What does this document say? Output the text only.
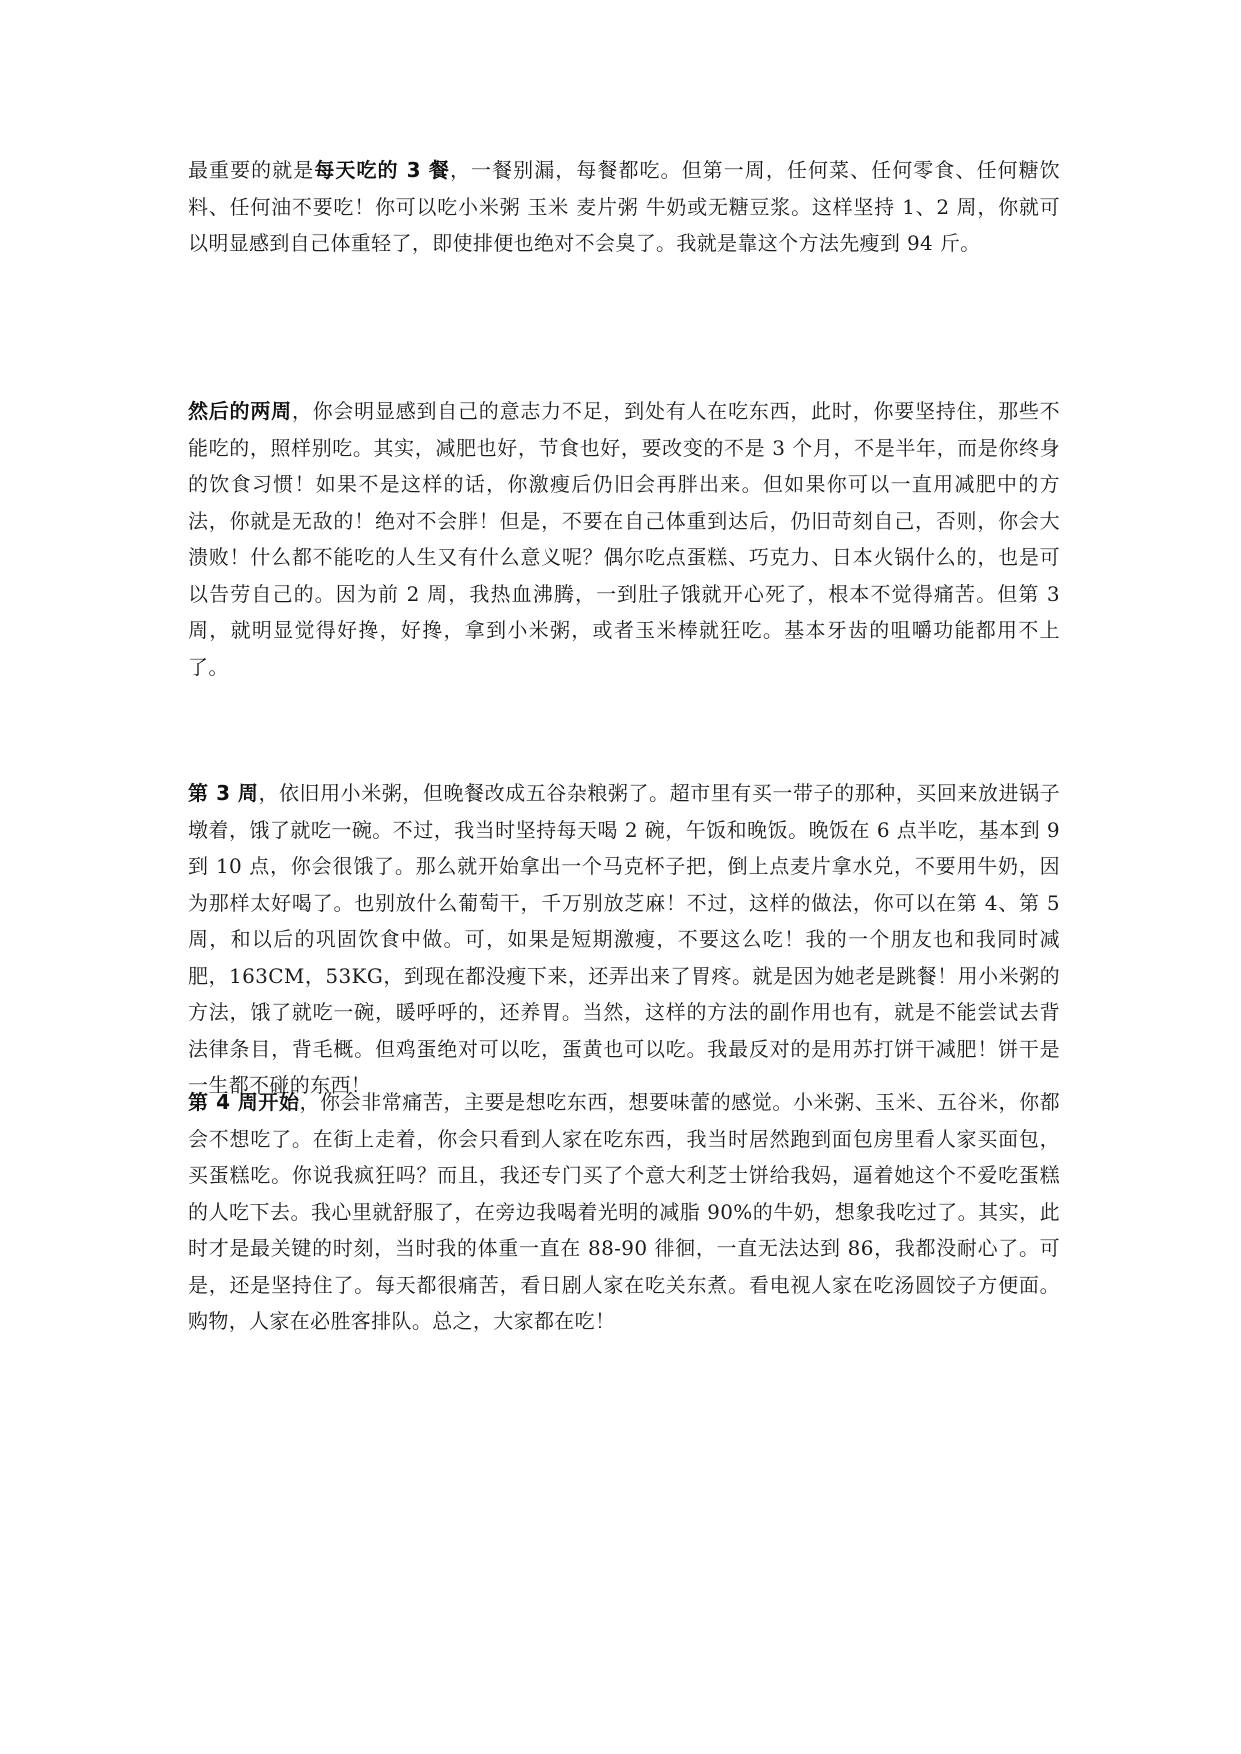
最重要的就是每天吃的 3 餐，一餐别漏，每餐都吃。但第一周，任何菜、任何零食、任何糖饮料、任何油不要吃！你可以吃小米粥 玉米 麦片粥 牛奶或无糖豆浆。这样坚持 1、2 周，你就可以明显感到自己体重轻了，即使排便也绝对不会臭了。我就是靠这个方法先瘦到 94 斤。

然后的两周，你会明显感到自己的意志力不足，到处有人在吃东西，此时，你要坚持住，那些不能吃的，照样别吃。其实，减肥也好，节食也好，要改变的不是 3 个月，不是半年，而是你终身的饮食习惯！如果不是这样的话，你激瘦后仍旧会再胖出来。但如果你可以一直用减肥中的方法，你就是无敌的！绝对不会胖！但是，不要在自己体重到达后，仍旧苛刻自己，否则，你会大溃败！什么都不能吃的人生又有什么意义呢？偶尔吃点蛋糕、巧克力、日本火锅什么的，也是可以告劳自己的。因为前 2 周，我热血沸腾，一到肚子饿就开心死了，根本不觉得痛苦。但第 3 周，就明显觉得好搀，好搀，拿到小米粥，或者玉米棒就狂吃。基本牙齿的咀嚼功能都用不上了。

第 3 周，依旧用小米粥，但晚餐改成五谷杂粮粥了。超市里有买一带子的那种，买回来放进锅子墩着，饿了就吃一碗。不过，我当时坚持每天喝 2 碗，午饭和晚饭。晚饭在 6 点半吃，基本到 9 到 10 点，你会很饿了。那么就开始拿出一个马克杯子把，倒上点麦片拿水兑，不要用牛奶，因为那样太好喝了。也别放什么葡萄干，千万别放芝麻！不过，这样的做法，你可以在第 4、第 5 周，和以后的巩固饮食中做。可，如果是短期激瘦，不要这么吃！我的一个朋友也和我同时减肥，163CM，53KG，到现在都没瘦下来，还弄出来了胃疼。就是因为她老是跳餐！用小米粥的方法，饿了就吃一碗，暖呼呼的，还养胃。当然，这样的方法的副作用也有，就是不能尝试去背法律条目，背毛概。但鸡蛋绝对可以吃，蛋黄也可以吃。我最反对的是用苏打饼干减肥！饼干是一生都不碰的东西！

第 4 周开始，你会非常痛苦，主要是想吃东西，想要味蕾的感觉。小米粥、玉米、五谷米，你都会不想吃了。在街上走着，你会只看到人家在吃东西，我当时居然跑到面包房里看人家买面包，买蛋糕吃。你说我疯狂吗？而且，我还专门买了个意大利芝士饼给我妈，逼着她这个不爱吃蛋糕的人吃下去。我心里就舒服了，在旁边我喝着光明的减脂 90%的牛奶，想象我吃过了。其实，此时才是最关键的时刻，当时我的体重一直在 88-90 徘徊，一直无法达到 86，我都没耐心了。可是，还是坚持住了。每天都很痛苦，看日剧人家在吃关东煮。看电视人家在吃汤圆饺子方便面。购物，人家在必胜客排队。总之，大家都在吃！
